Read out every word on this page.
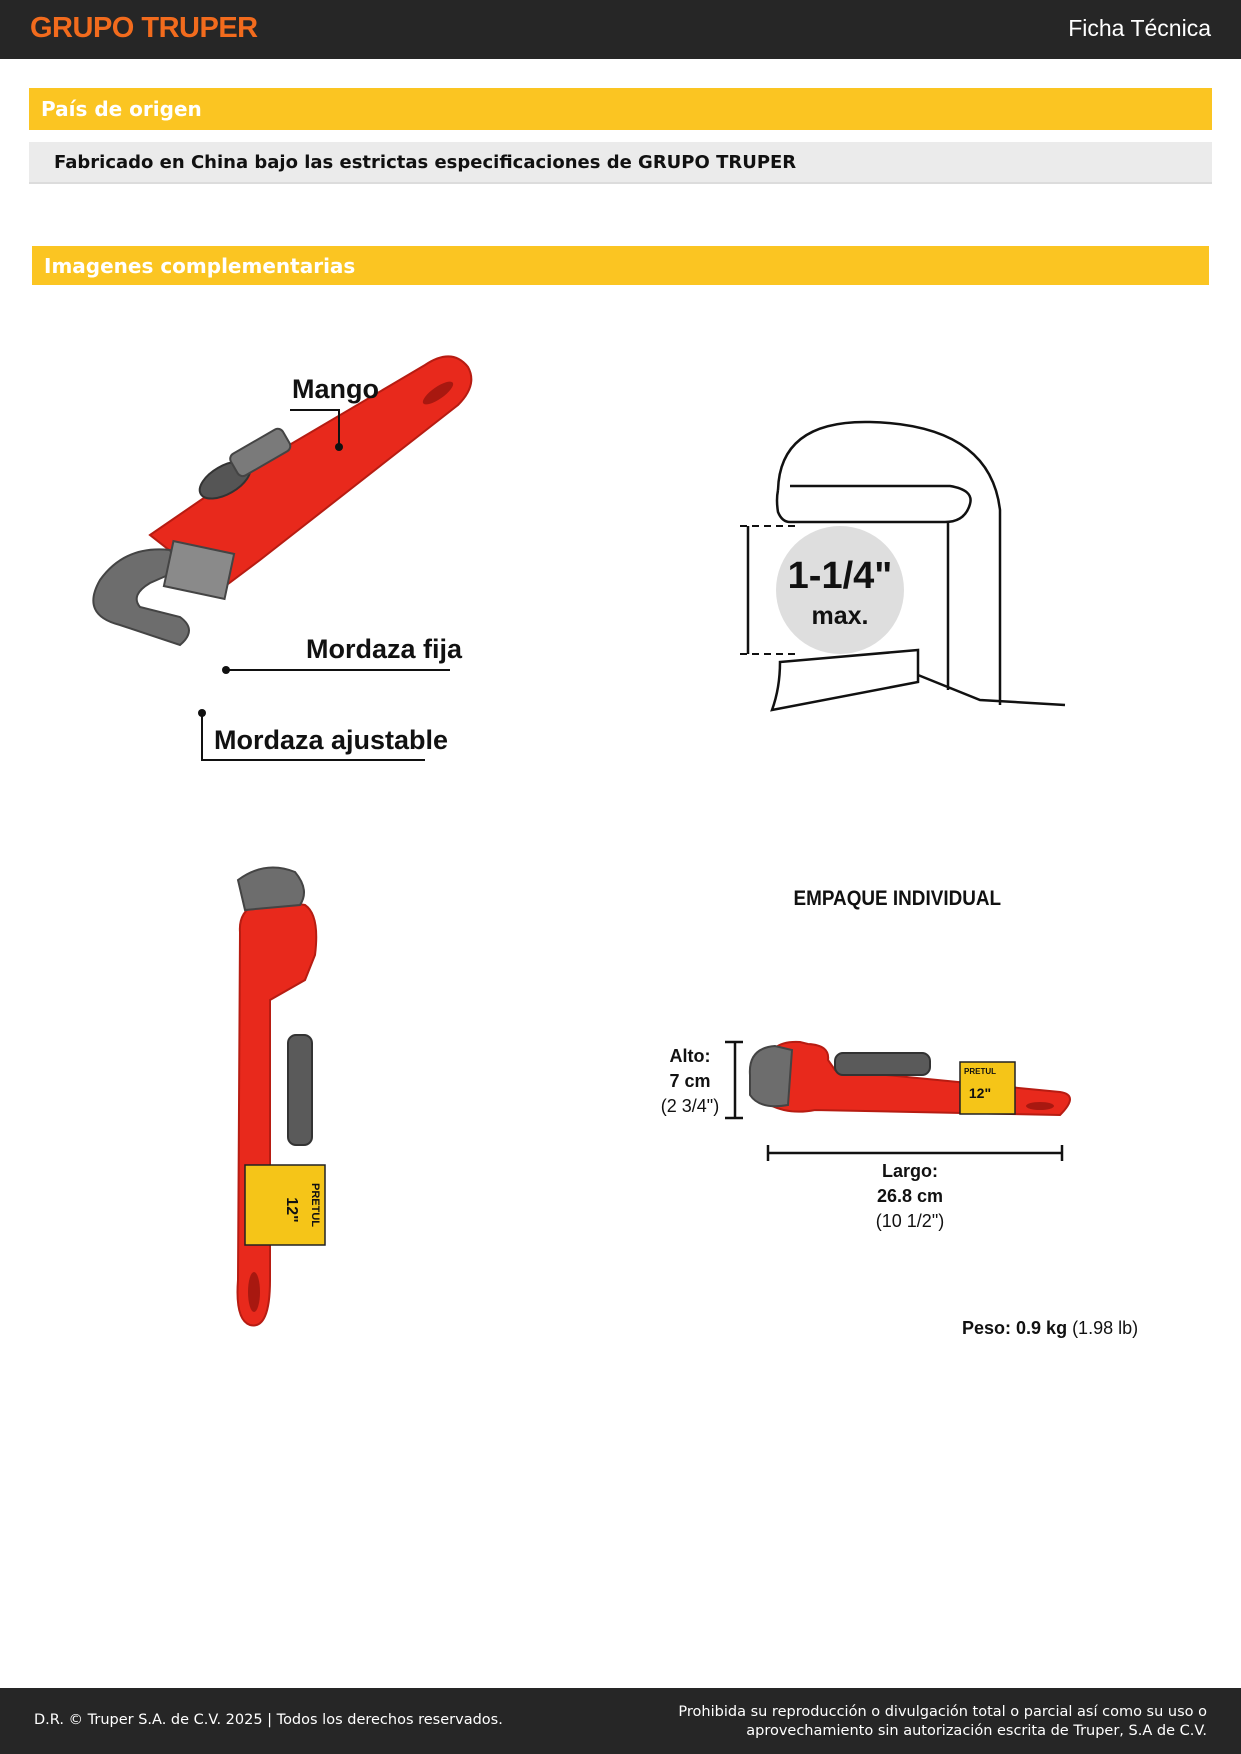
GRUPO TRUPER	Ficha Técnica
País de origen
Fabricado en China bajo las estrictas especificaciones de GRUPO TRUPER
Imagenes complementarias
Mango
Mordaza fija
Mordaza ajustable
1-1/4"
max.
12" PRETUL
EMPAQUE INDIVIDUAL
12"
PRETUL
Alto:
7 cm
(2 3/4")
Largo:
26.8 cm
(10 1/2")
Peso: 0.9 kg (1.98 lb)
D.R. © Truper S.A. de C.V. 2025 | Todos los derechos reservados.	Prohibida su reproducción o divulgación total o parcial así como su uso o
aprovechamiento sin autorización escrita de Truper, S.A de C.V.
